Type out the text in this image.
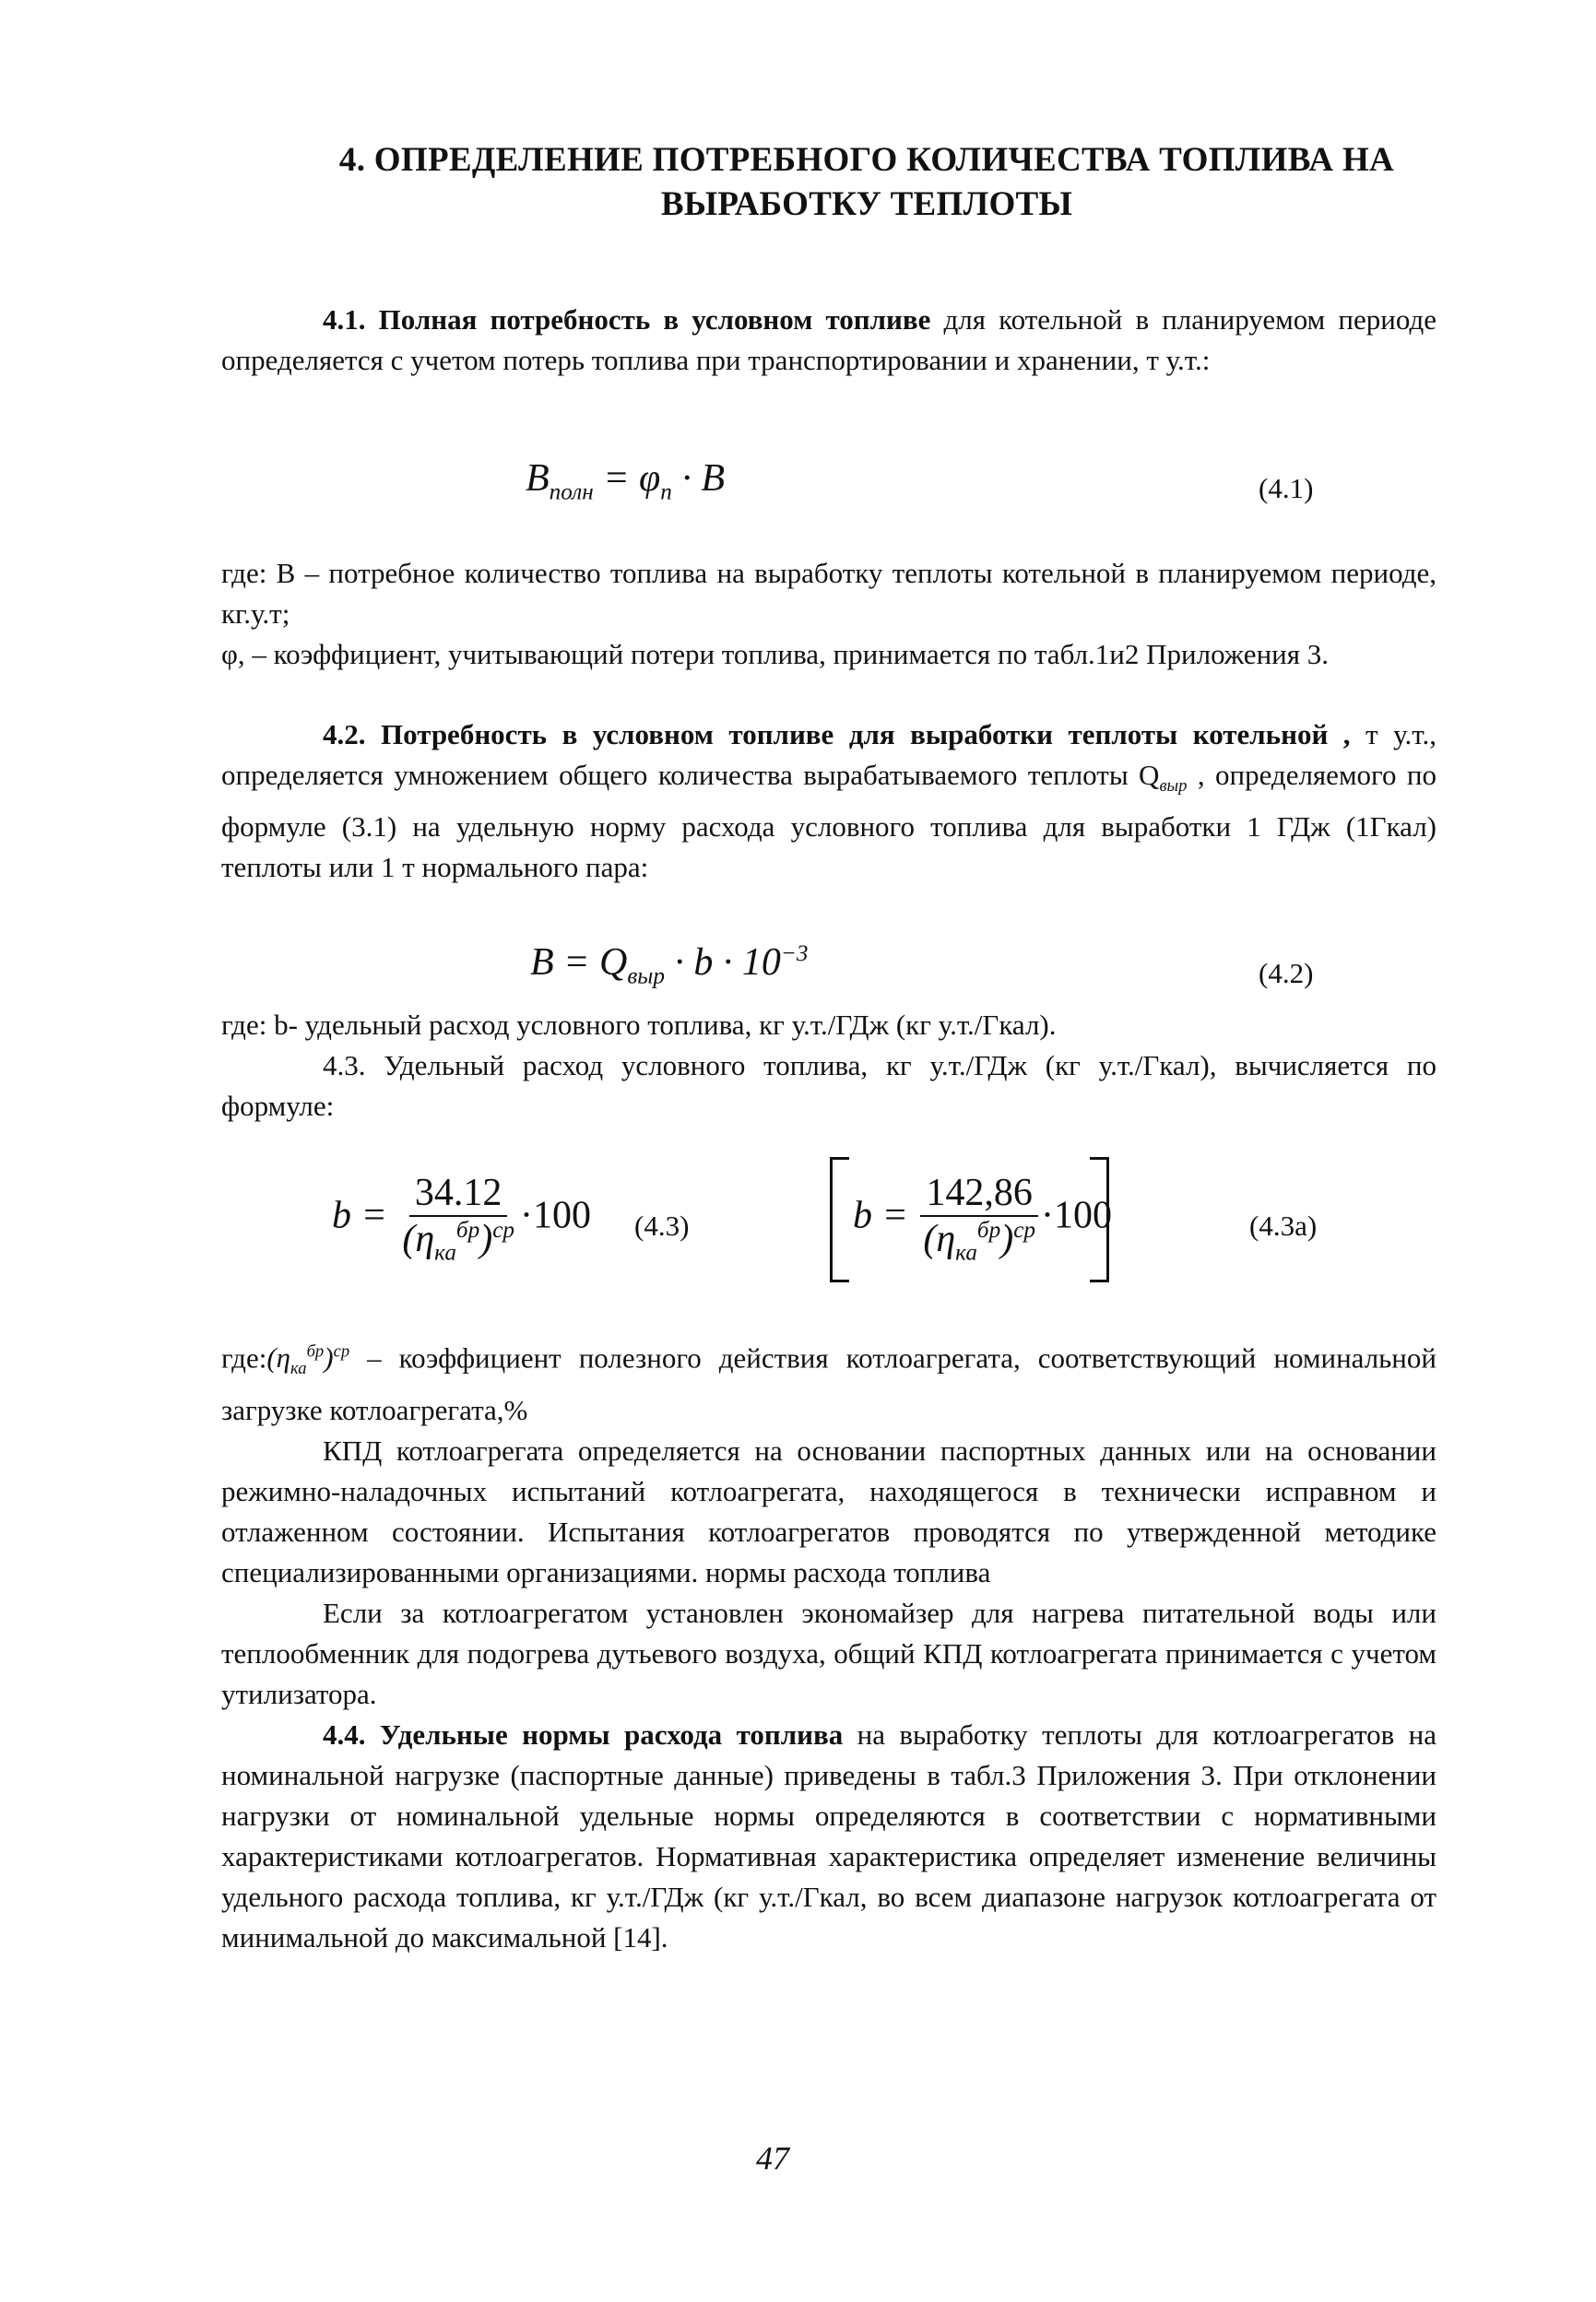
4. ОПРЕДЕЛЕНИЕ ПОТРЕБНОГО КОЛИЧЕСТВА ТОПЛИВА НА
ВЫРАБОТКУ ТЕПЛОТЫ

4.1. Полная потребность в условном топливе для котельной в планируемом периоде определяется с учетом потерь топлива при транспортировании и хранении, т у.т.:

$B_{полн} = \varphi_п \cdot B$	(4.1)

где: B – потребное количество топлива на выработку теплоты котельной в планируемом периоде, кг.у.т;

φ, – коэффициент, учитывающий потери топлива, принимается по табл.1и2 Приложения 3.

4.2. Потребность в условном топливе для выработки теплоты котельной , т у.т., определяется умножением общего количества вырабатываемого теплоты $Q_{выр}$ , определяемого по формуле (3.1) на удельную норму расхода условного топлива для выработки 1 ГДж (1Гкал) теплоты или 1 т нормального пара:

$B = Q_{выр} \cdot b \cdot 10^{-3}$
(4.2)

где: b- удельный расход условного топлива, кг у.т./ГДж (кг у.т./Гкал).

4.3. Удельный расход условного топлива, кг у.т./ГДж (кг у.т./Гкал), вычисляется по формуле:

$b = \frac{34.12}{(\eta_{ка}^{бр})^{ср}} \cdot 100$ (4.3)	$b = \frac{142,86}{(\eta_{ка}^{бр})^{ср}} \cdot 100$	(4.3а)

$где:(\eta_{ка}^{бр})^{ср}$ – коэффициент полезного действия котлоагрегата, соответствующий номинальной загрузке котлоагрегата,%

КПД котлоагрегата определяется на основании паспортных данных или на основании режимно-наладочных испытаний котлоагрегата, находящегося в технически исправном и отлаженном состоянии. Испытания котлоагрегатов проводятся по утвержденной методике специализированными организациями. нормы расхода топлива

Если за котлоагрегатом установлен экономайзер для нагрева питательной воды или теплообменник для подогрева дутьевого воздуха, общий КПД котлоагрегата принимается с учетом утилизатора.

4.4. Удельные нормы расхода топлива на выработку теплоты для котлоагрегатов на номинальной нагрузке (паспортные данные) приведены в табл.3 Приложения 3. При отклонении нагрузки от номинальной удельные нормы определяются в соответствии с нормативными характеристиками котлоагрегатов. Нормативная характеристика определяет изменение величины удельного расхода топлива, кг у.т./ГДж (кг у.т./Гкал, во всем диапазоне нагрузок котлоагрегата от минимальной до максимальной [14].

47
